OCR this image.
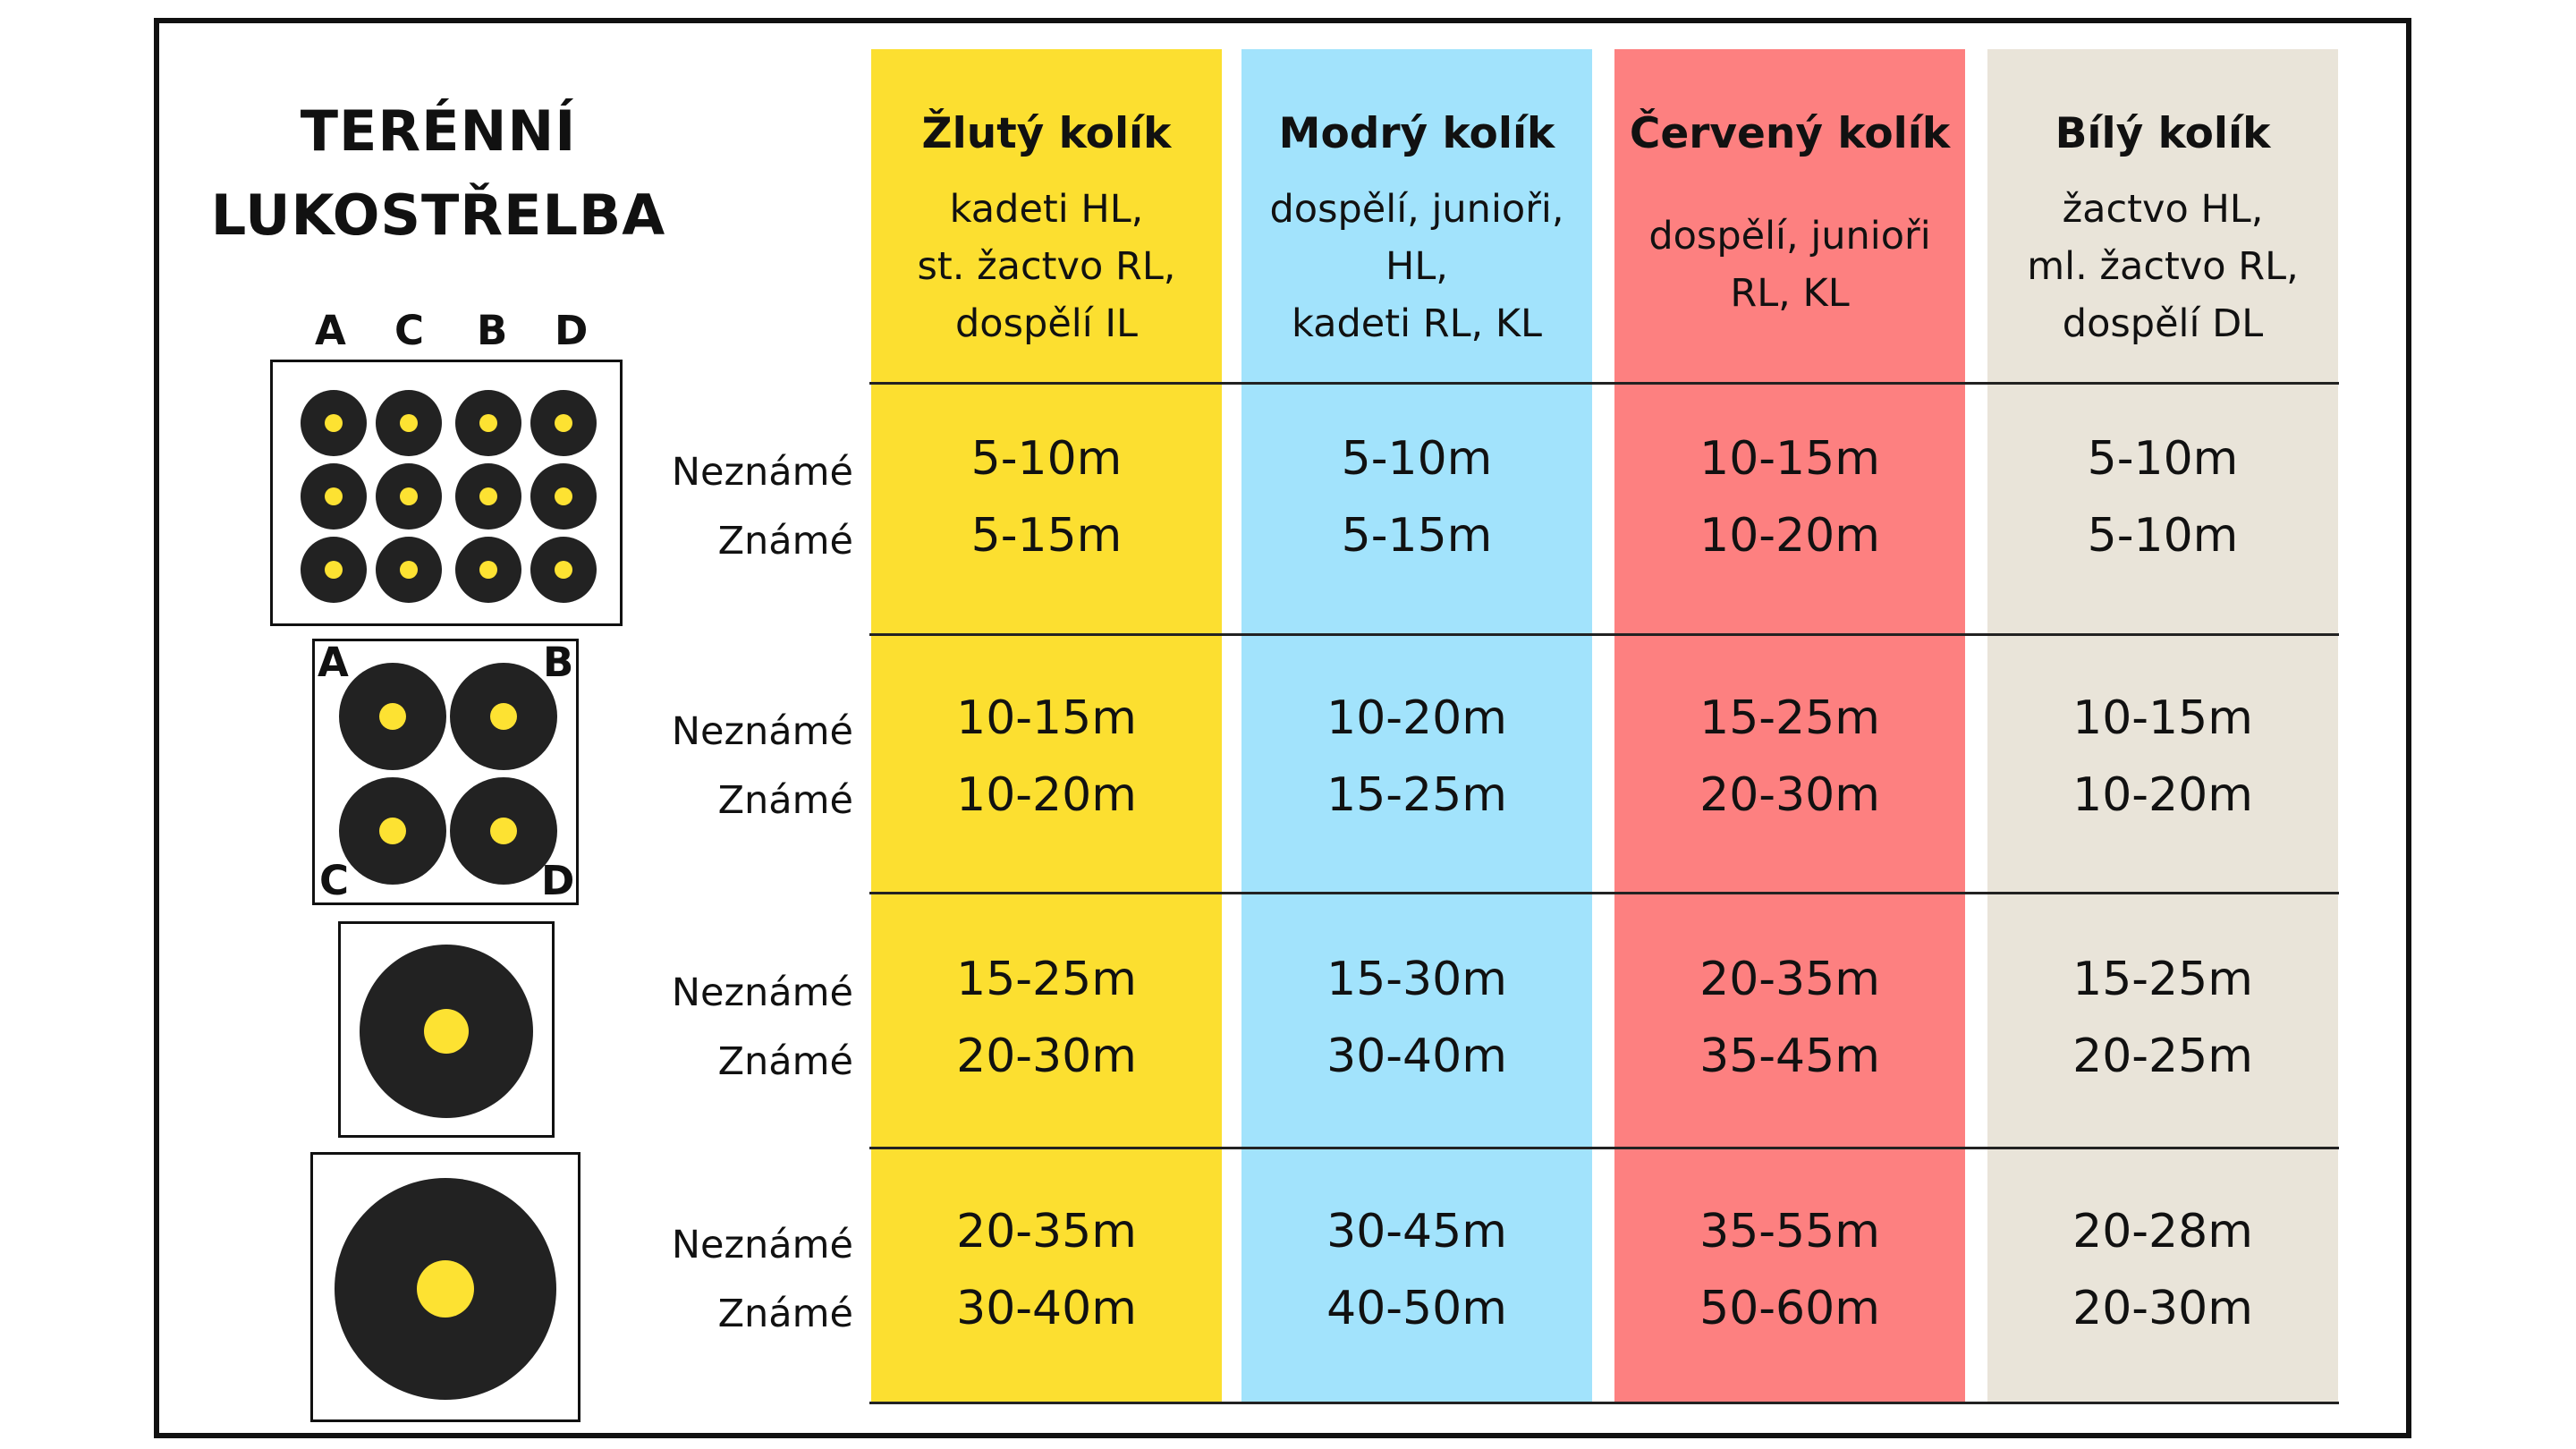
TERÉNNÍ
LUKOSTŘELBA
Žlutý kolík
kadeti HL,
st. žactvo RL,
dospělí IL
Modrý kolík
dospělí, junioři,
HL,
kadeti RL, KL
Červený kolík
dospělí, junioři
RL, KL
Bílý kolík
žactvo HL,
ml. žactvo RL,
dospělí DL
5-10m
5-15m
5-10m
5-15m
10-15m
10-20m
5-10m
5-10m
10-15m
10-20m
10-20m
15-25m
15-25m
20-30m
10-15m
10-20m
15-25m
20-30m
15-30m
30-40m
20-35m
35-45m
15-25m
20-25m
20-35m
30-40m
30-45m
40-50m
35-55m
50-60m
20-28m
20-30m
Neznámé
Známé
Neznámé
Známé
Neznámé
Známé
Neznámé
Známé
A C B D
A	B
C	D
